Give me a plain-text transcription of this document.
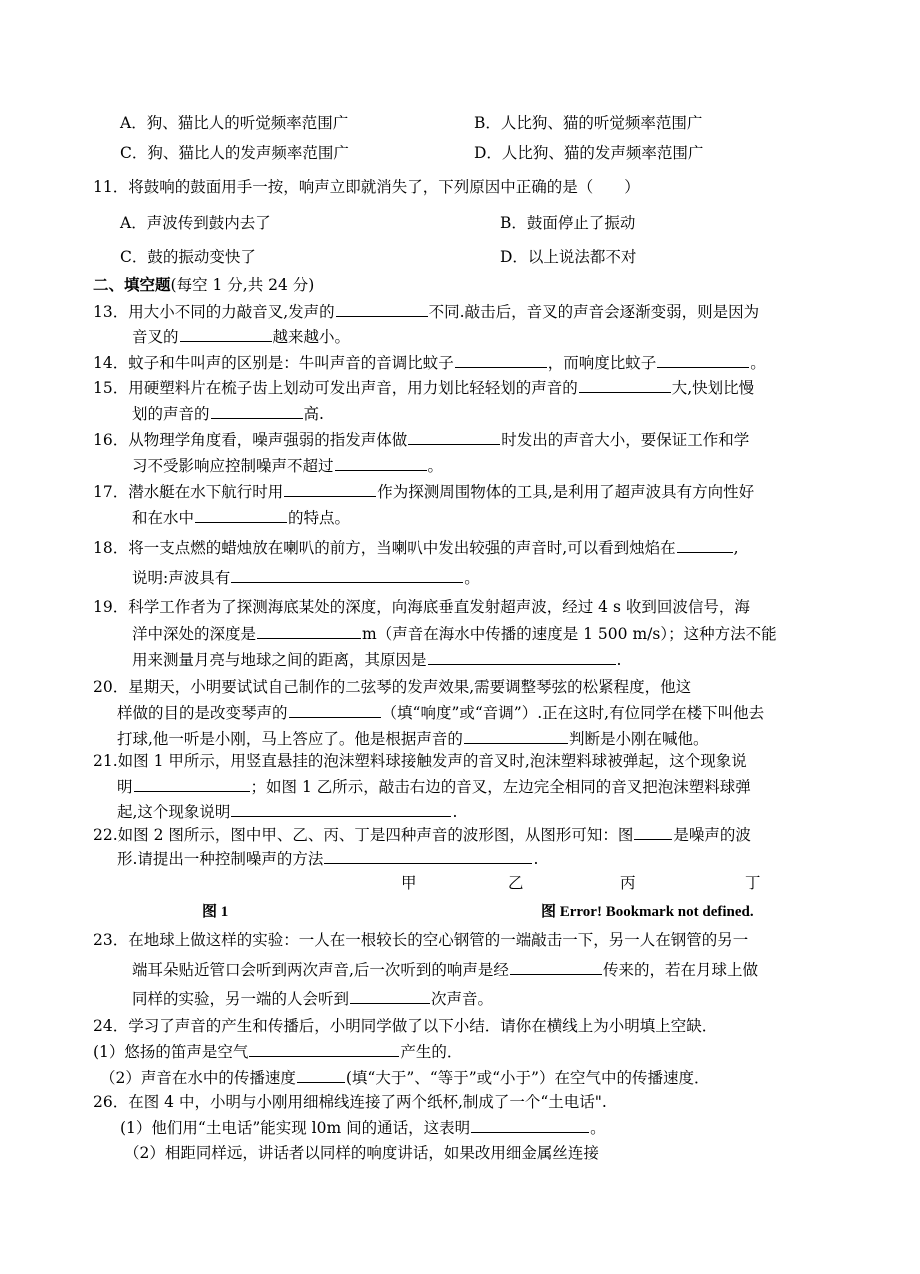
A．狗、猫比人的听觉频率范围广	B．人比狗、猫的听觉频率范围广
C．狗、猫比人的发声频率范围广	D．人比狗、猫的发声频率范围广
11．将鼓响的鼓面用手一按，响声立即就消失了，下列原因中正确的是（　　）
A．声波传到鼓内去了	B．鼓面停止了振动
C．鼓的振动变快了	D．以上说法都不对
二、填空题(每空 1 分,共 24 分)
13．用大小不同的力敲音叉,发声的	不同.敲击后，音叉的声音会逐渐变弱，则是因为
音叉的	越来越小。
14．蚊子和牛叫声的区别是：牛叫声音的音调比蚊子	，而响度比蚊子	。
15．用硬塑料片在梳子齿上划动可发出声音，用力划比轻轻划的声音的	大,快划比慢
划的声音的	高.
16．从物理学角度看，噪声强弱的指发声体做	时发出的声音大小，要保证工作和学
习不受影响应控制噪声不超过	。
17．潜水艇在水下航行时用	作为探测周围物体的工具,是利用了超声波具有方向性好
和在水中	的特点。
18．将一支点燃的蜡烛放在喇叭的前方，当喇叭中发出较强的声音时,可以看到烛焰在	,
说明:声波具有	。
19．科学工作者为了探测海底某处的深度，向海底垂直发射超声波，经过 4 s 收到回波信号，海
洋中深处的深度是	m（声音在海水中传播的速度是 1 500 m/s）；这种方法不能
用来测量月亮与地球之间的距离，其原因是	.
20．星期天，小明要试试自己制作的二弦琴的发声效果,需要调整琴弦的松紧程度，他这
样做的目的是改变琴声的	（填“响度”或“音调”）.正在这时,有位同学在楼下叫他去
打球,他一听是小刚，马上答应了。他是根据声音的	判断是小刚在喊他。
21.如图 1 甲所示，用竖直悬挂的泡沫塑料球接触发声的音叉时,泡沫塑料球被弹起，这个现象说
明	；如图 1 乙所示，敲击右边的音叉，左边完全相同的音叉把泡沫塑料球弹
起,这个现象说明	.
22.如图 2 图所示，图中甲、乙、丙、丁是四种声音的波形图，从图形可知：图	是噪声的波
形.请提出一种控制噪声的方法	.
甲	乙	丙	丁
图 1	图 Error! Bookmark not defined.
23．在地球上做这样的实验：一人在一根较长的空心钢管的一端敲击一下，另一人在钢管的另一
端耳朵贴近管口会听到两次声音,后一次听到的响声是经	传来的，若在月球上做
同样的实验，另一端的人会听到	次声音。
24．学习了声音的产生和传播后，小明同学做了以下小结．请你在横线上为小明填上空缺．
(1）悠扬的笛声是空气	产生的．
（2）声音在水中的传播速度	(填“大于”、“等于”或“小于”）在空气中的传播速度．
26．在图 4 中，小明与小刚用细棉线连接了两个纸杯,制成了一个“土电话".
(1）他们用“土电话”能实现 l0m 间的通话，这表明	。
（2）相距同样远，讲话者以同样的响度讲话，如果改用细金属丝连接
